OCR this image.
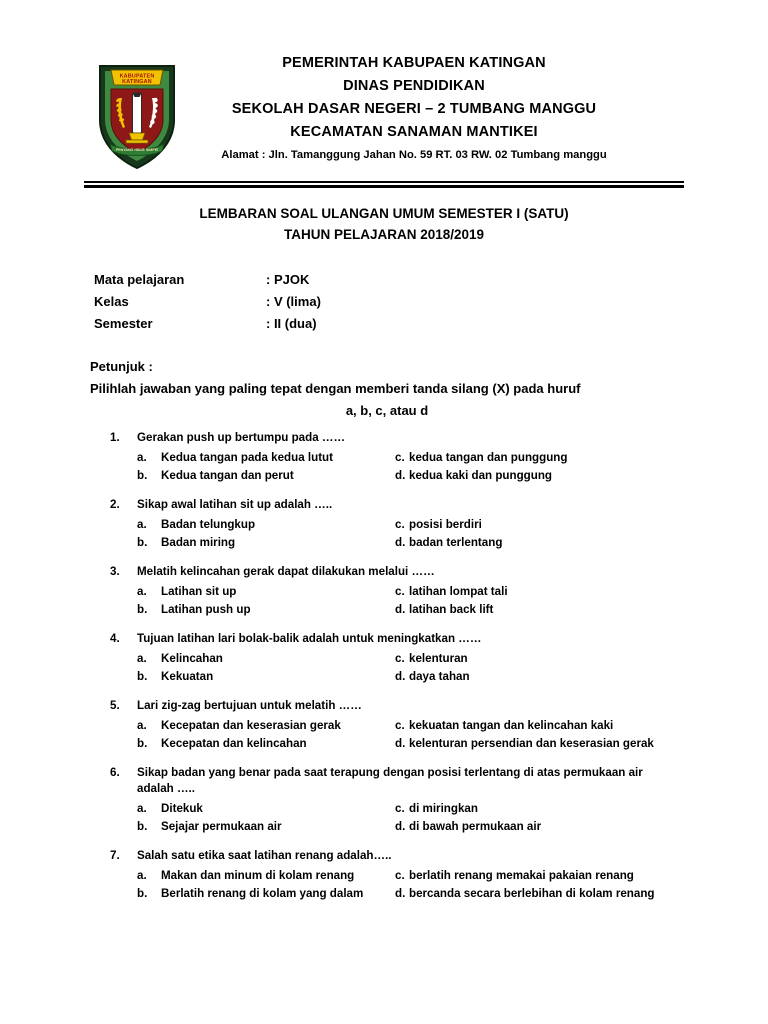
KABUPATEN
KATINGAN
PENYANG HINJE SIMPEI
PEMERINTAH KABUPAEN KATINGAN
DINAS PENDIDIKAN
SEKOLAH DASAR NEGERI – 2 TUMBANG MANGGU
KECAMATAN SANAMAN MANTIKEI
Alamat : Jln. Tamanggung Jahan No. 59 RT. 03 RW. 02 Tumbang manggu
LEMBARAN SOAL ULANGAN UMUM SEMESTER I (SATU)
TAHUN PELAJARAN 2018/2019
Mata pelajaran	: PJOK
Kelas	: V (lima)
Semester	: II (dua)
Petunjuk :
Pilihlah jawaban yang paling tepat dengan memberi tanda silang (X) pada huruf
a, b, c, atau d
1.	Gerakan push up bertumpu pada ……
a.	Kedua tangan pada kedua lutut	c. kedua tangan dan punggung
b.	Kedua tangan dan perut	d. kedua kaki dan punggung
2.	Sikap awal latihan sit up adalah …..
a.	Badan telungkup	c. posisi berdiri
b.	Badan miring	d. badan terlentang
3.	Melatih kelincahan gerak dapat dilakukan melalui ……
a.	Latihan sit up	c. latihan lompat tali
b.	Latihan push up	d. latihan back lift
4.	Tujuan latihan lari bolak-balik adalah untuk meningkatkan ……
a.	Kelincahan	c. kelenturan
b.	Kekuatan	d. daya tahan
5.	Lari zig-zag bertujuan untuk melatih ……
a.	Kecepatan dan keserasian gerak	c. kekuatan tangan dan kelincahan kaki
b.	Kecepatan dan kelincahan	d. kelenturan persendian dan keserasian gerak
6.	Sikap badan yang benar pada saat terapung dengan posisi terlentang di atas permukaan air
adalah …..
a.	Ditekuk	c. di miringkan
b.	Sejajar permukaan air	d. di bawah permukaan air
7.	Salah satu etika saat latihan renang adalah…..
a.	Makan dan minum di kolam renang	c. berlatih renang memakai pakaian renang
b.	Berlatih renang di kolam yang dalam	d. bercanda secara berlebihan di kolam renang
